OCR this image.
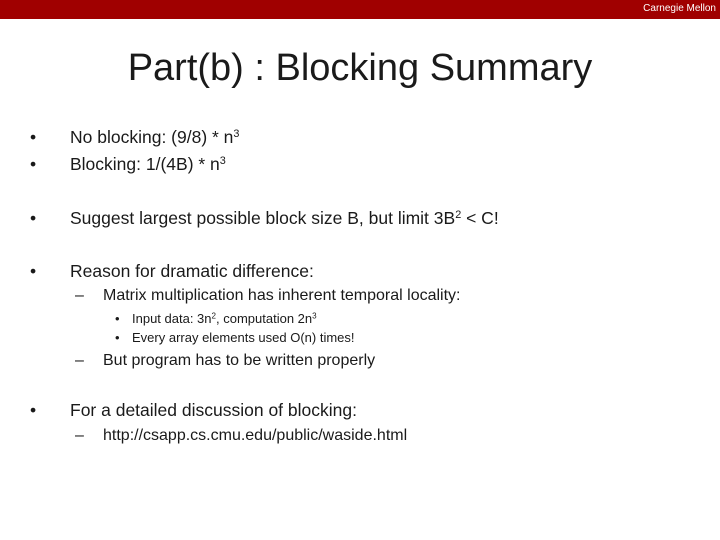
Carnegie Mellon
Part(b) : Blocking Summary
• No blocking: $(9/8) * n^3$
• Blocking: $1/(4B) * n^3$
• Suggest largest possible block size B, but limit $3B^2 < C$!
• Reason for dramatic difference:
– Matrix multiplication has inherent temporal locality:
• Input data: $3n^2$, computation $2n^3$
• Every array elements used O(n) times!
– But program has to be written properly
• For a detailed discussion of blocking:
– http://csapp.cs.cmu.edu/public/waside.html
